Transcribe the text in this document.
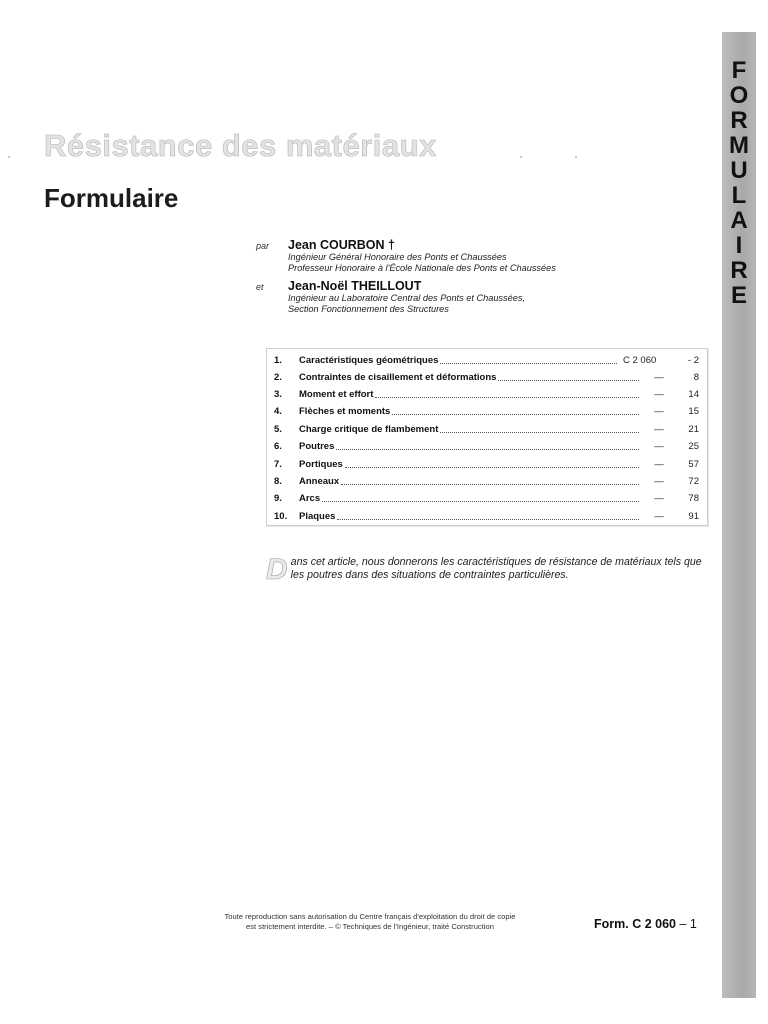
F
O
R
M
U
L
A
I
R
E
Résistance des matériaux
Formulaire
par	Jean COURBON †
Ingénieur Général Honoraire des Ponts et Chaussées
Professeur Honoraire à l'École Nationale des Ponts et Chaussées
et	Jean-Noël THEILLOUT
Ingénieur au Laboratoire Central des Ponts et Chaussées,
Section Fonctionnement des Structures
1.	Caractéristiques géométriques	C 2 060	- 2
2.	Contraintes de cisaillement et déformations	—	8
3.	Moment et effort	—	14
4.	Flèches et moments	—	15
5.	Charge critique de flambement	—	21
6.	Poutres	—	25
7.	Portiques	—	57
8.	Anneaux	—	72
9.	Arcs	—	78
10.	Plaques	—	91
Dans cet article, nous donnerons les caractéristiques de résistance de matériaux tels que les poutres dans des situations de contraintes particulières.
Toute reproduction sans autorisation du Centre français d'exploitation du droit de copie
est strictement interdite. – © Techniques de l'Ingénieur, traité Construction	Form. C 2 060 – 1
